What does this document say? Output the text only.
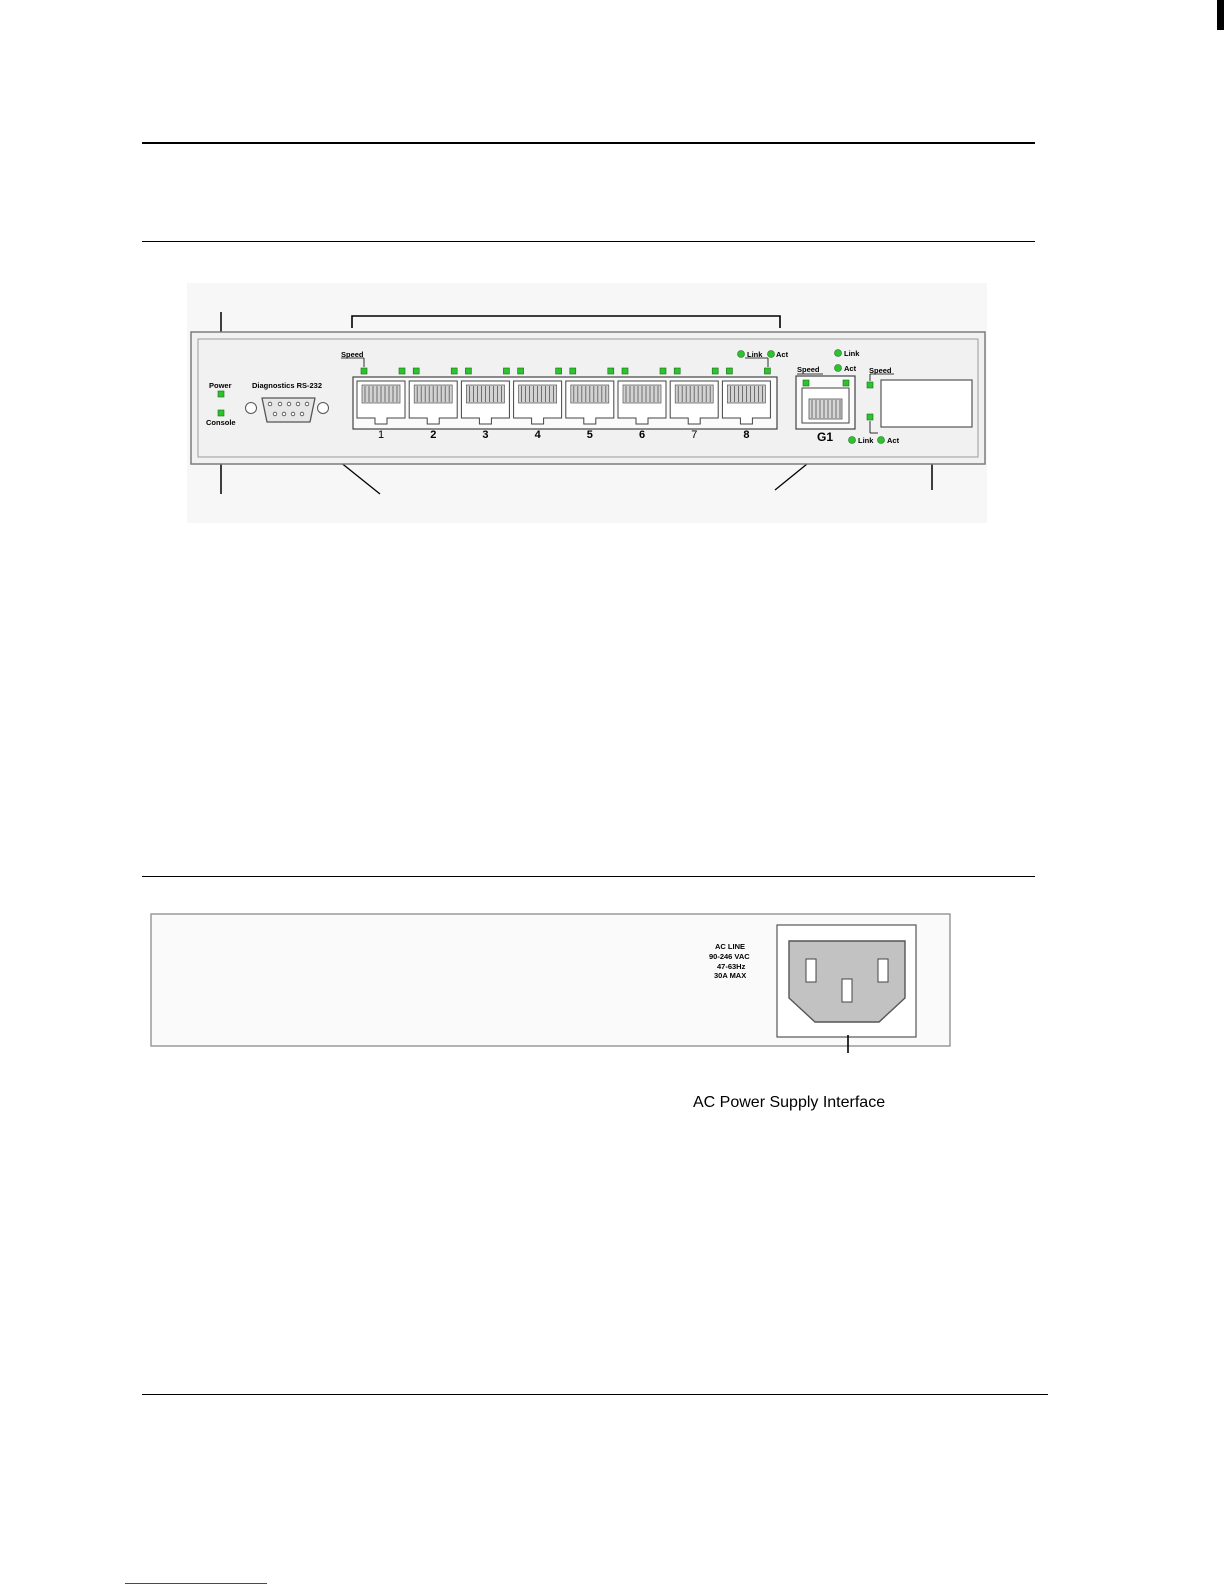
Power
Console
Diagnostics RS-232
Speed	Link Act
Speed
Link
Act Speed
Link Act
G1
1	2	3	4	5	6	7	8
AC LINE
90-246 VAC
47-63Hz
30A MAX
AC Power Supply Interface
